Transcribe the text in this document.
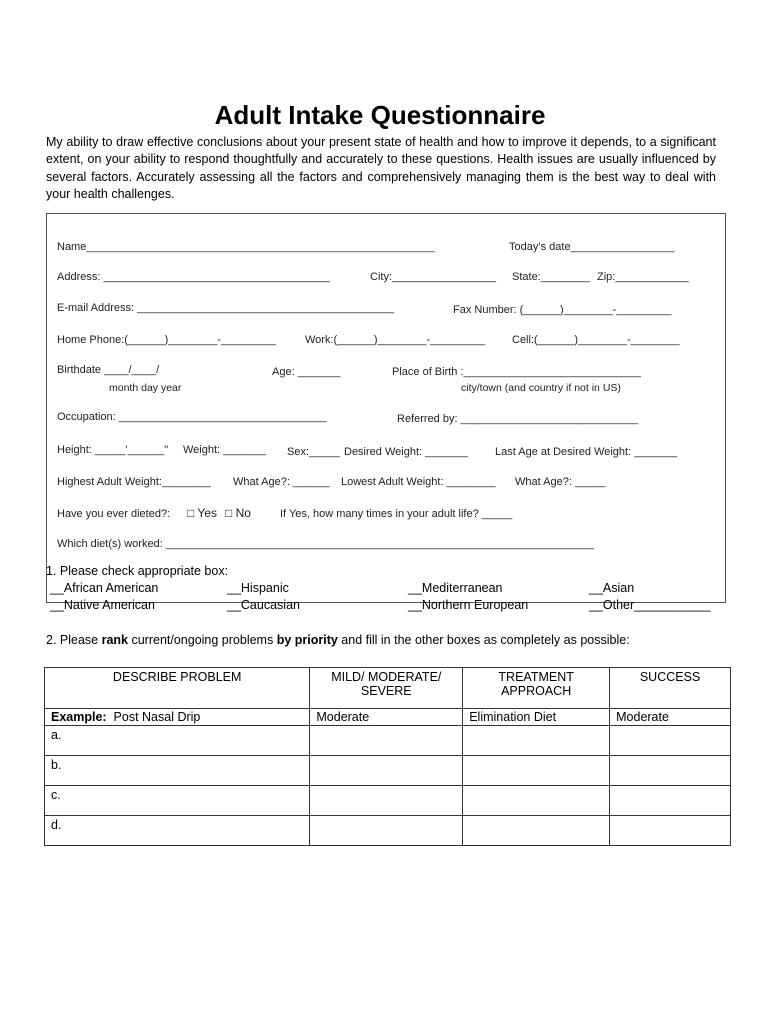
Adult Intake Questionnaire
My ability to draw effective conclusions about your present state of health and how to improve it depends, to a significant extent, on your ability to respond thoughtfully and accurately to these questions. Health issues are usually influenced by several factors. Accurately assessing all the factors and comprehensively managing them is the best way to deal with your health challenges.
Name_________________________________________________________	Today’s date_________________
Address: _____________________________________	City:_________________ State:________ Zip:____________
E-mail Address: __________________________________________	Fax Number: (______)________-_________
Home Phone:(______)________-_________	Work:(______)________-_________ Cell:(______)________-________
Birthdate ____/____/
month day year
Age: _______	Place of Birth :_____________________________
city/town (and country if not in US)
Occupation: __________________________________	Referred by: _____________________________
Height: _____'______" Weight: _______ Sex:_____ Desired Weight: _______ Last Age at Desired Weight: _______
Highest Adult Weight:________ What Age?: ______ Lowest Adult Weight: ________ What Age?: _____
Have you ever dieted?: □ Yes □ No	If Yes, how many times in your adult life? _____
Which diet(s) worked: ______________________________________________________________________
1. Please check appropriate box:
__African American	__Hispanic	__Mediterranean	__Asian
__Native American	__Caucasian	__Northern European	__Other___________
2. Please rank current/ongoing problems by priority and fill in the other boxes as completely as possible:
DESCRIBE PROBLEM	MILD/ MODERATE/ SEVERE	TREATMENT APPROACH	SUCCESS
Example: Post Nasal Drip	Moderate	Elimination Diet	Moderate
a.			
b.			
c.			
d.			
